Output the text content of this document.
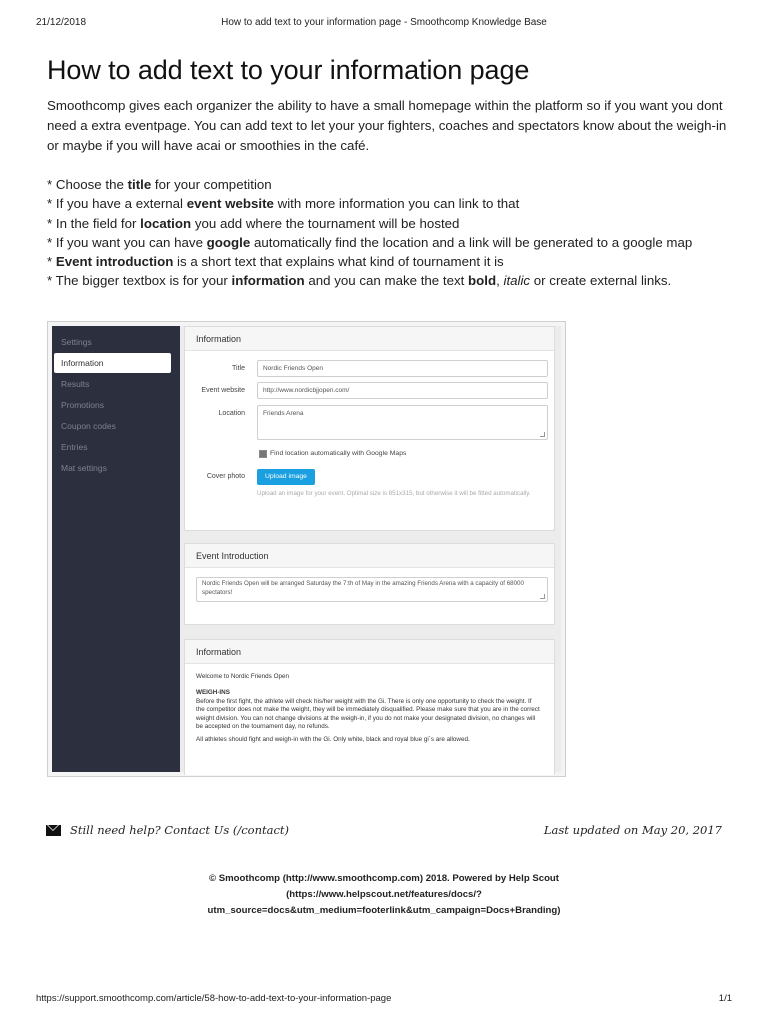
21/12/2018	How to add text to your information page - Smoothcomp Knowledge Base
How to add text to your information page

Smoothcomp gives each organizer the ability to have a small homepage within the platform so if you want you dont need a extra eventpage. You can add text to let your your fighters, coaches and spectators know about the weigh-in or maybe if you will have acai or smoothies in the café.

* Choose the title for your competition
* If you have a external event website with more information you can link to that
* In the field for location you add where the tournament will be hosted
* If you want you can have google automatically find the location and a link will be generated to a google map
* Event introduction is a short text that explains what kind of tournament it is
* The bigger textbox is for your information and you can make the text bold, italic or create external links.
Settings
Information
Results
Promotions
Coupon codes
Entries
Mat settings
Information
Title	Nordic Friends Open
Event website	http://www.nordicbjjopen.com/
Location	Friends Arena
Find location automatically with Google Maps
Cover photo	Upload image
Upload an image for your event. Optimal size is 851x315, but otherwise it will be fitted automatically.
Event Introduction
Nordic Friends Open will be arranged Saturday the 7:th of May in the amazing Friends Arena with a capacity of 68000 spectators!
Information
Welcome to Nordic Friends Open
WEIGH-INS
Before the first fight, the athlete will check his/her weight with the Gi. There is only one opportunity to check the weight. If the competitor does not make the weight, they will be immediately disqualified. Please make sure that you are in the correct weight division. You can not change divisions at the weigh-in, if you do not make your designated division, no changes will be accepted on the tournament day, no refunds.
All athletes should fight and weigh-in with the Gi. Only white, black and royal blue gi´s are allowed.
Still need help? Contact Us (/contact)	Last updated on May 20, 2017
© Smoothcomp (http://www.smoothcomp.com) 2018. Powered by Help Scout (https://www.helpscout.net/features/docs/?
utm_source=docs&utm_medium=footerlink&utm_campaign=Docs+Branding)
https://support.smoothcomp.com/article/58-how-to-add-text-to-your-information-page	1/1
